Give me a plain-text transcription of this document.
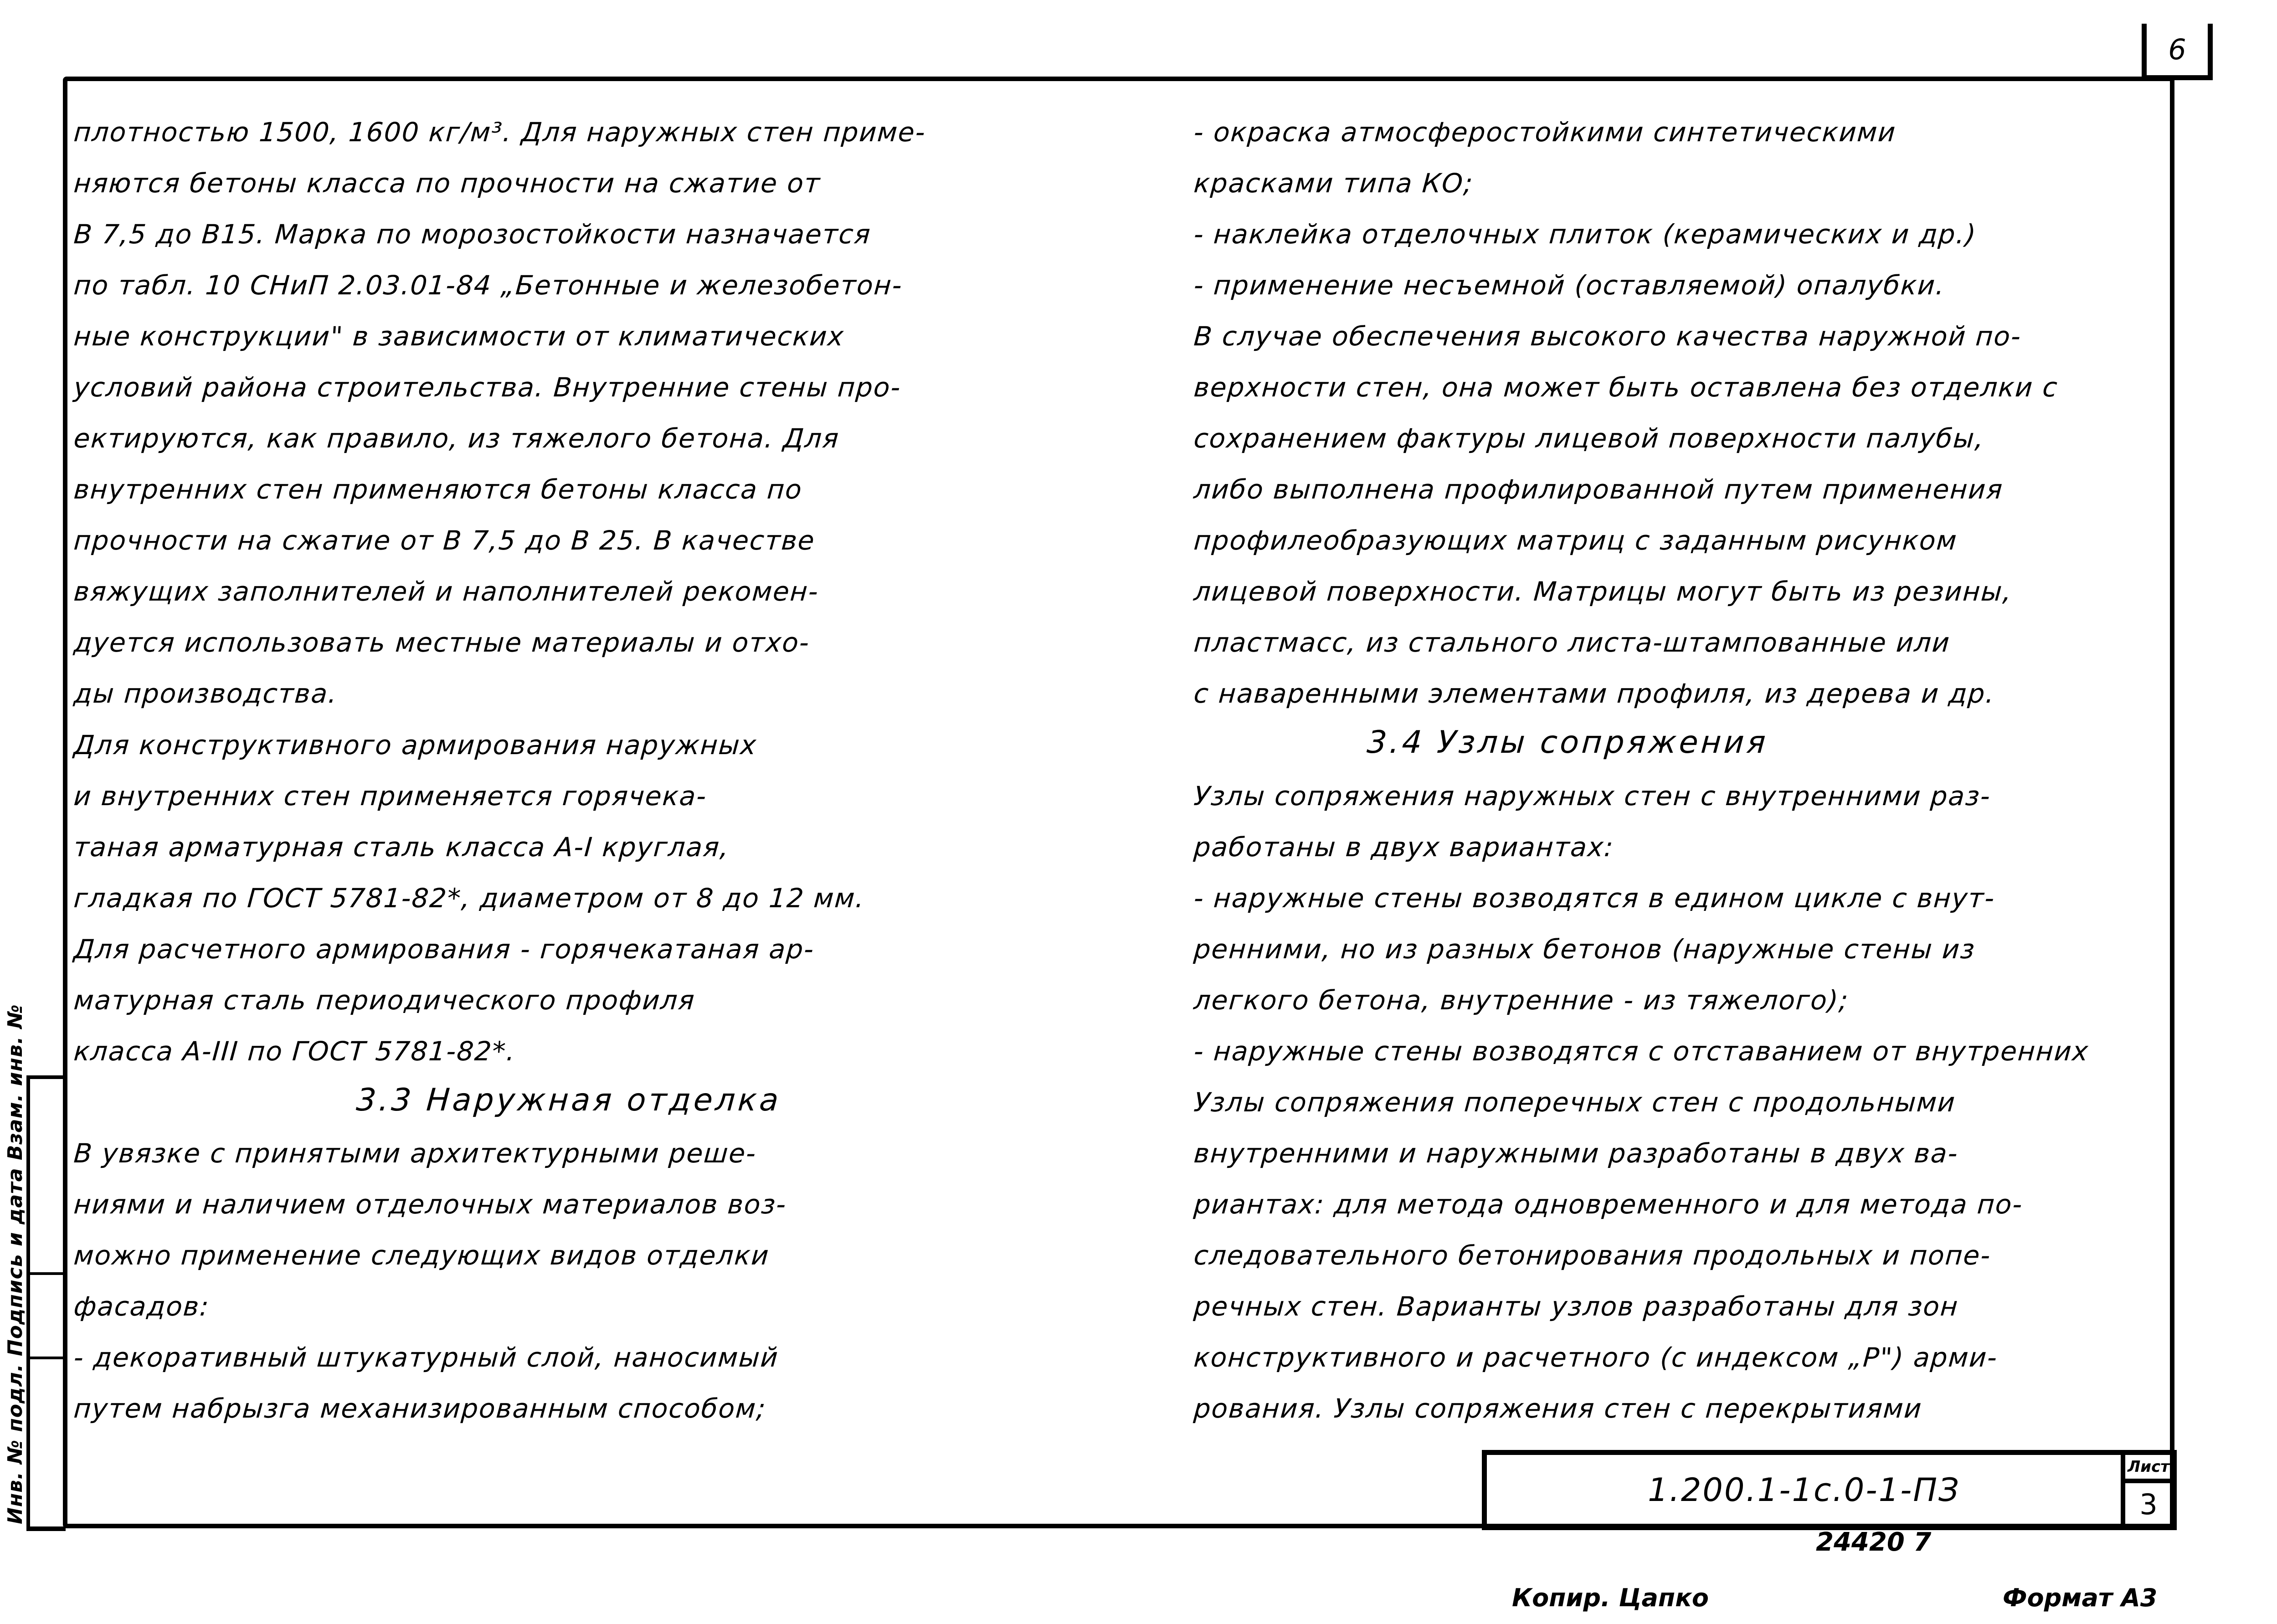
Инв. № подл. Подпись и дата Взам. инв. №
6
плотностью 1500, 1600 кг/м³. Для наружных стен приме-
няются бетоны класса по прочности на сжатие от
В 7,5 до В15. Марка по морозостойкости назначается
по табл. 10 СНиП 2.03.01-84 „Бетонные и железобетон-
ные конструкции" в зависимости от климатических
условий района строительства. Внутренние стены про-
ектируются, как правило, из тяжелого бетона. Для
внутренних стен применяются бетоны класса по
прочности на сжатие от В 7,5 до В 25. В качестве
вяжущих заполнителей и наполнителей рекомен-
дуется использовать местные материалы и отхо-
ды производства.
Для конструктивного армирования наружных
и внутренних стен применяется горячека-
таная арматурная сталь класса А-I круглая,
гладкая по ГОСТ 5781-82*, диаметром от 8 до 12 мм.
Для расчетного армирования - горячекатаная ар-
матурная сталь периодического профиля
класса А-III по ГОСТ 5781-82*.
3.3 Наружная отделка
В увязке с принятыми архитектурными реше-
ниями и наличием отделочных материалов воз-
можно применение следующих видов отделки
фасадов:
- декоративный штукатурный слой, наносимый
путем набрызга механизированным способом;
- окраска атмосферостойкими синтетическими
красками типа КО;
- наклейка отделочных плиток (керамических и др.)
- применение несъемной (оставляемой) опалубки.
В случае обеспечения высокого качества наружной по-
верхности стен, она может быть оставлена без отделки с
сохранением фактуры лицевой поверхности палубы,
либо выполнена профилированной путем применения
профилеобразующих матриц с заданным рисунком
лицевой поверхности. Матрицы могут быть из резины,
пластмасс, из стального листа-штампованные или
с наваренными элементами профиля, из дерева и др.
3.4 Узлы сопряжения
Узлы сопряжения наружных стен с внутренними раз-
работаны в двух вариантах:
- наружные стены возводятся в едином цикле с внут-
ренними, но из разных бетонов (наружные стены из
легкого бетона, внутренние - из тяжелого);
- наружные стены возводятся с отставанием от внутренних
Узлы сопряжения поперечных стен с продольными
внутренними и наружными разработаны в двух ва-
риантах: для метода одновременного и для метода по-
следовательного бетонирования продольных и попе-
речных стен. Варианты узлов разработаны для зон
конструктивного и расчетного (с индексом „Р") арми-
рования. Узлы сопряжения стен с перекрытиями
1.200.1-1с.0-1-ПЗ
Лист
3
24420 7
Копир. Цапко	Формат А3
